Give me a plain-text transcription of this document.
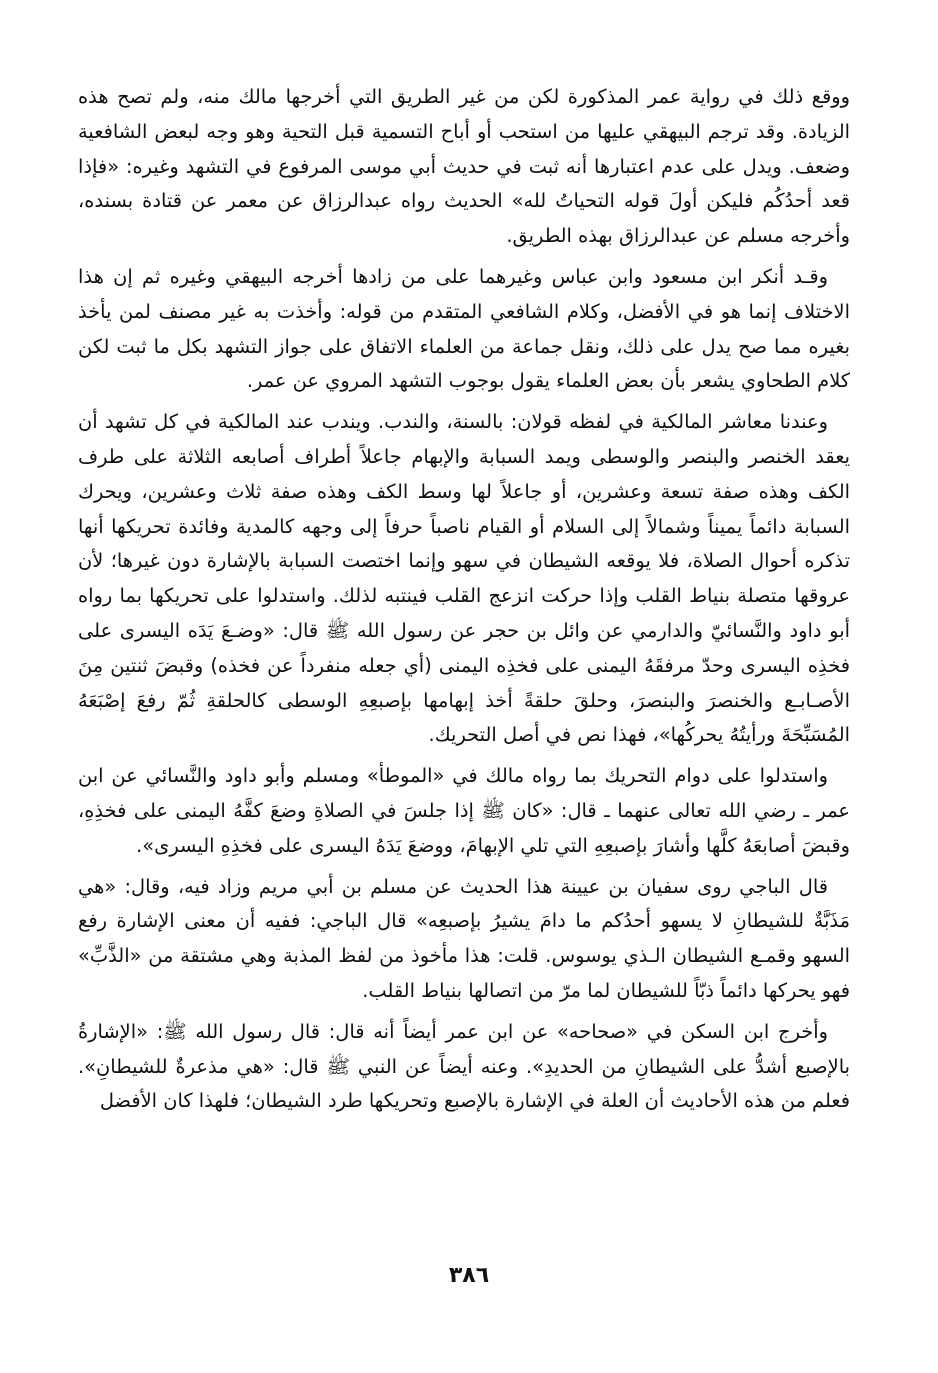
ووقع ذلك في رواية عمر المذكورة لكن من غير الطريق التي أخرجها مالك منه، ولم تصح هذه الزيادة. وقد ترجم البيهقي عليها من استحب أو أباح التسمية قبل التحية وهو وجه لبعض الشافعية وضعف. ويدل على عدم اعتبارها أنه ثبت في حديث أبي موسى المرفوع في التشهد وغيره: «فإذا قعد أحدُكُم فليكن أولَ قوله التحياتُ لله» الحديث رواه عبدالرزاق عن معمر عن قتادة بسنده، وأخرجه مسلم عن عبدالرزاق بهذه الطريق.

وقـد أنكر ابن مسعود وابن عباس وغيرهما على من زادها أخرجه البيهقي وغيره ثم إن هذا الاختلاف إنما هو في الأفضل، وكلام الشافعي المتقدم من قوله: وأخذت به غير مصنف لمن يأخذ بغيره مما صح يدل على ذلك، ونقل جماعة من العلماء الاتفاق على جواز التشهد بكل ما ثبت لكن كلام الطحاوي يشعر بأن بعض العلماء يقول بوجوب التشهد المروي عن عمر.

وعندنا معاشر المالكية في لفظه قولان: بالسنة، والندب. ويندب عند المالكية في كل تشهد أن يعقد الخنصر والبنصر والوسطى ويمد السبابة والإبهام جاعلاً أطراف أصابعه الثلاثة على طرف الكف وهذه صفة تسعة وعشرين، أو جاعلاً لها وسط الكف وهذه صفة ثلاث وعشرين، ويحرك السبابة دائماً يميناً وشمالاً إلى السلام أو القيام ناصباً حرفاً إلى وجهه كالمدية وفائدة تحريكها أنها تذكره أحوال الصلاة، فلا يوقعه الشيطان في سهو وإنما اختصت السبابة بالإشارة دون غيرها؛ لأن عروقها متصلة بنياط القلب وإذا حركت انزعج القلب فينتبه لذلك. واستدلوا على تحريكها بما رواه أبو داود والنَّسائيّ والدارمي عن وائل بن حجر عن رسول الله ﷺ قال: «وضـعَ يَدَه اليسرى على فخذِه اليسرى وحدّ مرفقَهُ اليمنى على فخذِه اليمنى (أي جعله منفرداً عن فخذه) وقبضَ ثنتين مِنَ الأصـابـع والخنصرَ والبنصرَ، وحلقَ حلقةً أخذ إبهامها بإصبعِهِ الوسطى كالحلقةِ ثُمّ رفعَ إصْبَعَهُ المُسَبِّحَةَ ورأيتُهُ يحركُها»، فهذا نص في أصل التحريك.

واستدلوا على دوام التحريك بما رواه مالك في «الموطأ» ومسلم وأبو داود والنَّسائي عن ابن عمر ـ رضي الله تعالى عنهما ـ قال: «كان ﷺ إذا جلسَ في الصلاةِ وضعَ كفَّهُ اليمنى على فخذِهِ، وقبضَ أصابعَهُ كلَّها وأشارَ بإصبعِهِ التي تلي الإبهامَ، ووضعَ يَدَهُ اليسرى على فخذِهِ اليسرى».

قال الباجي روى سفيان بن عيينة هذا الحديث عن مسلم بن أبي مريم وزاد فيه، وقال: «هي مَذَبَّةٌ للشيطانِ لا يسهو أحدُكم ما دامَ يشيرُ بإصبعِه» قال الباجي: ففيه أن معنى الإشارة رفع السهو وقمـع الشيطان الـذي يوسوس. قلت: هذا مأخوذ من لفظ المذبة وهي مشتقة من «الذَّبِّ» فهو يحركها دائماً ذبّاً للشيطان لما مرّ من اتصالها بنياط القلب.

وأخرج ابن السكن في «صحاحه» عن ابن عمر أيضاً أنه قال: قال رسول الله ﷺ: «الإشارةُ بالإصبع أشدُّ على الشيطانِ من الحديدِ». وعنه أيضاً عن النبي ﷺ قال: «هي مذعرةٌ للشيطانِ». فعلم من هذه الأحاديث أن العلة في الإشارة بالإصبع وتحريكها طرد الشيطان؛ فلهذا كان الأفضل

٣٨٦
